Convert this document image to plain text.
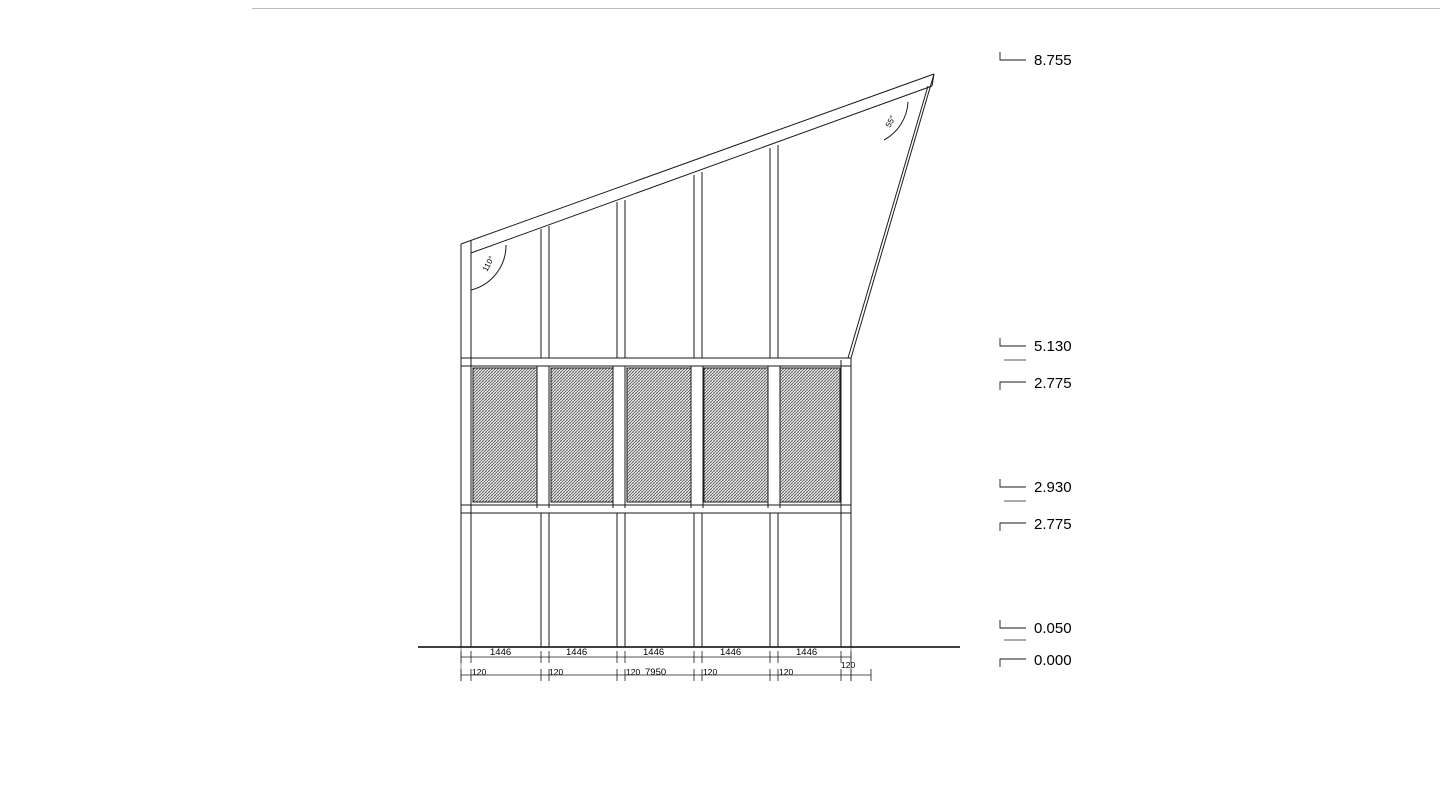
8.755
5.130
2.775
2.930
2.775
0.050
0.000
110°
55°
1446	1446	1446	1446	1446
120	120	120	120	120
120
7950
